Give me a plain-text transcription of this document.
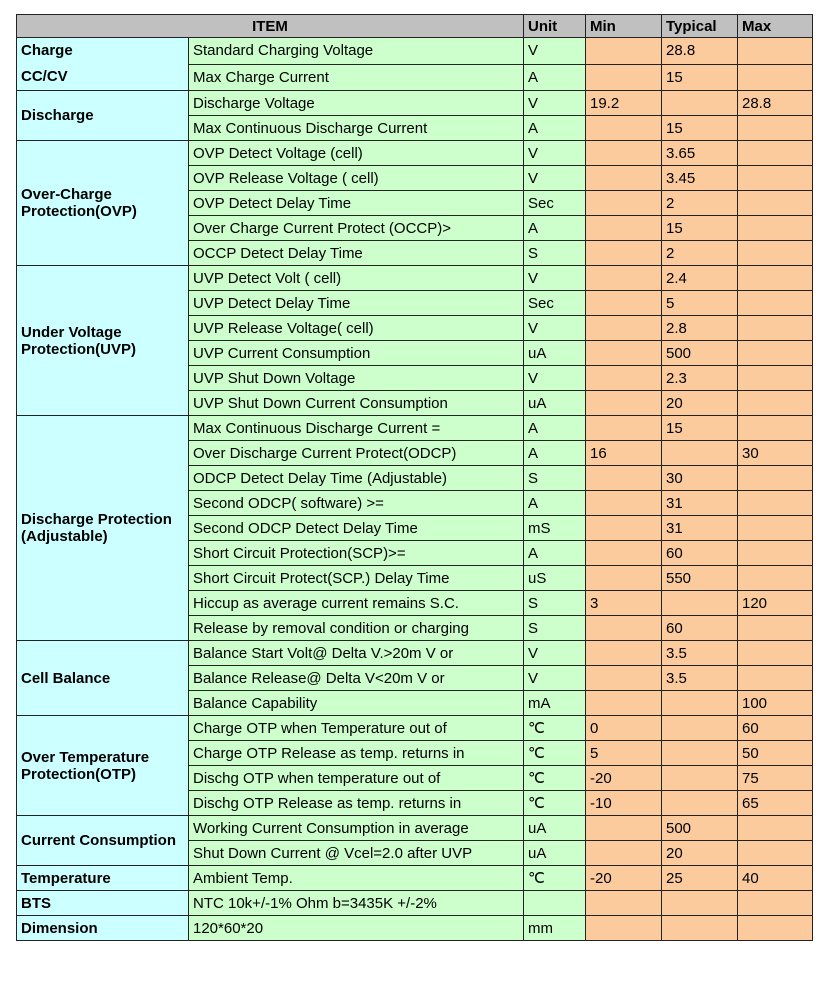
ITEM		Unit	Min	Typical	Max

Charge
CC/CV	Standard Charging Voltage	V		28.8	
	Max Charge Current	A		15	

Discharge	Discharge Voltage	V	19.2		28.8
	Max Continuous Discharge Current	A		15	

Over-Charge
Protection(OVP)	OVP Detect Voltage (cell)	V		3.65	
	OVP Release Voltage ( cell)	V		3.45	
	OVP Detect Delay Time	Sec		2	
	Over Charge Current Protect (OCCP)>	A		15	
	OCCP Detect Delay Time	S		2	

Under Voltage
Protection(UVP)	UVP Detect Volt ( cell)	V		2.4	
	UVP Detect Delay Time	Sec		5	
	UVP Release Voltage( cell)	V		2.8	
	UVP Current Consumption	uA		500	
	UVP Shut Down Voltage	V		2.3	
	UVP Shut Down Current Consumption	uA		20	

Discharge Protection
(Adjustable)	Max Continuous Discharge Current =	A		15	
	Over Discharge Current Protect(ODCP)	A	16		30
	ODCP Detect Delay Time (Adjustable)	S		30	
	Second ODCP( software) >=	A		31	
	Second ODCP Detect Delay Time	mS		31	
	Short Circuit Protection(SCP)>=	A		60	
	Short Circuit Protect(SCP.) Delay Time	uS		550	
	Hiccup as average current remains S.C.	S	3		120
	Release by removal condition or charging	S		60	

Cell Balance	Balance Start Volt@ Delta V.>20m V or	V		3.5	
	Balance Release@ Delta V<20m V or	V		3.5	
	Balance Capability	mA			100

Over Temperature
Protection(OTP)	Charge OTP when Temperature out of	℃	0		60
	Charge OTP Release as temp. returns in	℃	5		50
	Dischg OTP when temperature out of	℃	-20		75
	Dischg OTP Release as temp. returns in	℃	-10		65

Current Consumption	Working Current Consumption in average	uA		500	
	Shut Down Current @ Vcel=2.0 after UVP	uA		20	

Temperature	Ambient Temp.	℃	-20	25	40

BTS	NTC 10k+/-1% Ohm b=3435K +/-2%				

Dimension	120*60*20	mm			
